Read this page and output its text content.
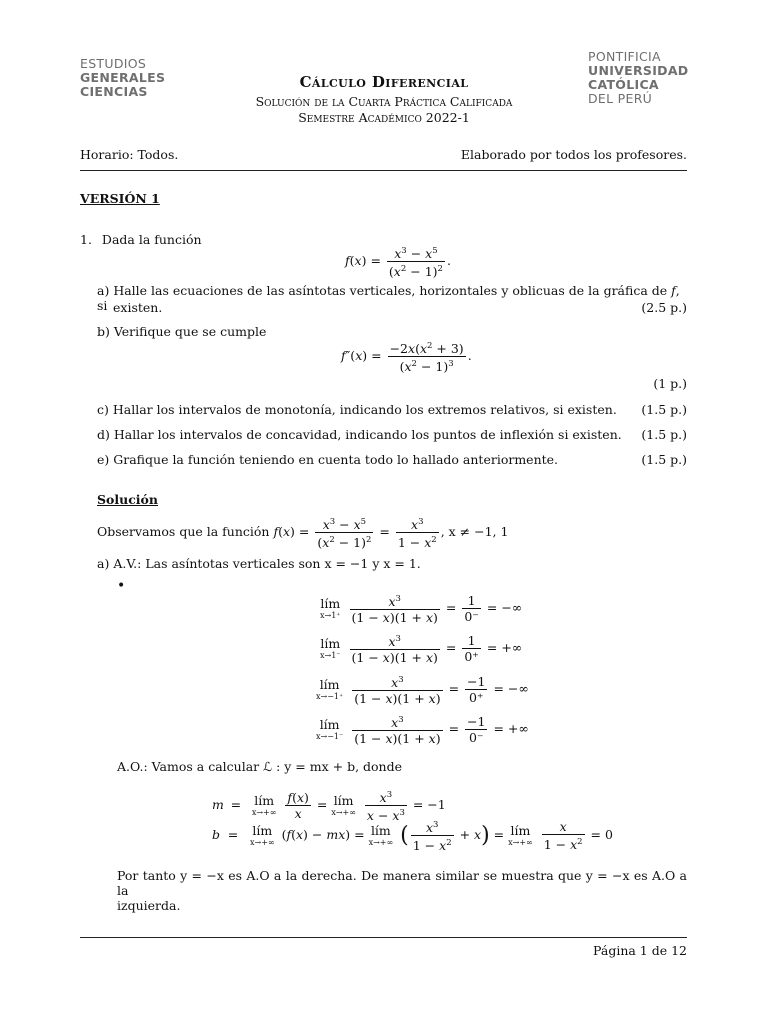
ESTUDIOS
GENERALES
CIENCIAS
PONTIFICIA
UNIVERSIDAD
CATÓLICA
DEL PERÚ
Cálculo Diferencial
Solución de la Cuarta Práctica Calificada
Semestre Académico 2022-1
Horario: Todos.	Elaborado por todos los profesores.
VERSIÓN 1
1. Dada la función
$f(x) = \frac{x^3 - x^5}{(x^2 - 1)^2}$ .
a) Halle las ecuaciones de las asíntotas verticales, horizontales y oblicuas de la gráfica de f, si existen.	(2.5 p.)
b) Verifique que se cumple
$f''(x) = \frac{-2x(x^2 + 3)}{(x^2 - 1)^3}$ .
(1 p.)
c) Hallar los intervalos de monotonía, indicando los extremos relativos, si existen. (1.5 p.)
d) Hallar los intervalos de concavidad, indicando los puntos de inflexión si existen. (1.5 p.)
e) Grafique la función teniendo en cuenta todo lo hallado anteriormente.	(1.5 p.)
Solución
Observamos que la función $f(x) = \frac{x^3 - x^5}{(x^2 - 1)^2} = \frac{x^3}{1 - x^2}$ , x ≠ −1, 1
a) A.V.: Las asíntotas verticales son x = −1 y x = 1.
•
lím
x→1⁺
$\frac{x^3}{(1 - x)(1 + x)} = \frac{1}{0^-}$ = −∞
lím
x→1⁻
$\frac{x^3}{(1 - x)(1 + x)} = \frac{1}{0^+}$ = +∞
lím
x→−1⁺
$\frac{x^3}{(1 - x)(1 + x)} = \frac{-1}{0^+}$ = −∞
lím
x→−1⁻
$\frac{x^3}{(1 - x)(1 + x)} = \frac{-1}{0^-}$ = +∞
A.O.: Vamos a calcular ℒ : y = mx + b, donde
m = lím
x→+∞
$\frac{f(x)}{x}$ = lím
x→+∞
$\frac{x^3}{x - x^3} = -1$
b = lím
x→+∞
(f(x) − mx) = lím
x→+∞ ( $\frac{x^3}{1 - x^2} + x$) = lím
x→+∞
$\frac{x}{1 - x^2} = 0$
Por tanto y = −x es A.O a la derecha. De manera similar se muestra que y = −x es A.O a la
izquierda.
Página 1 de 12
